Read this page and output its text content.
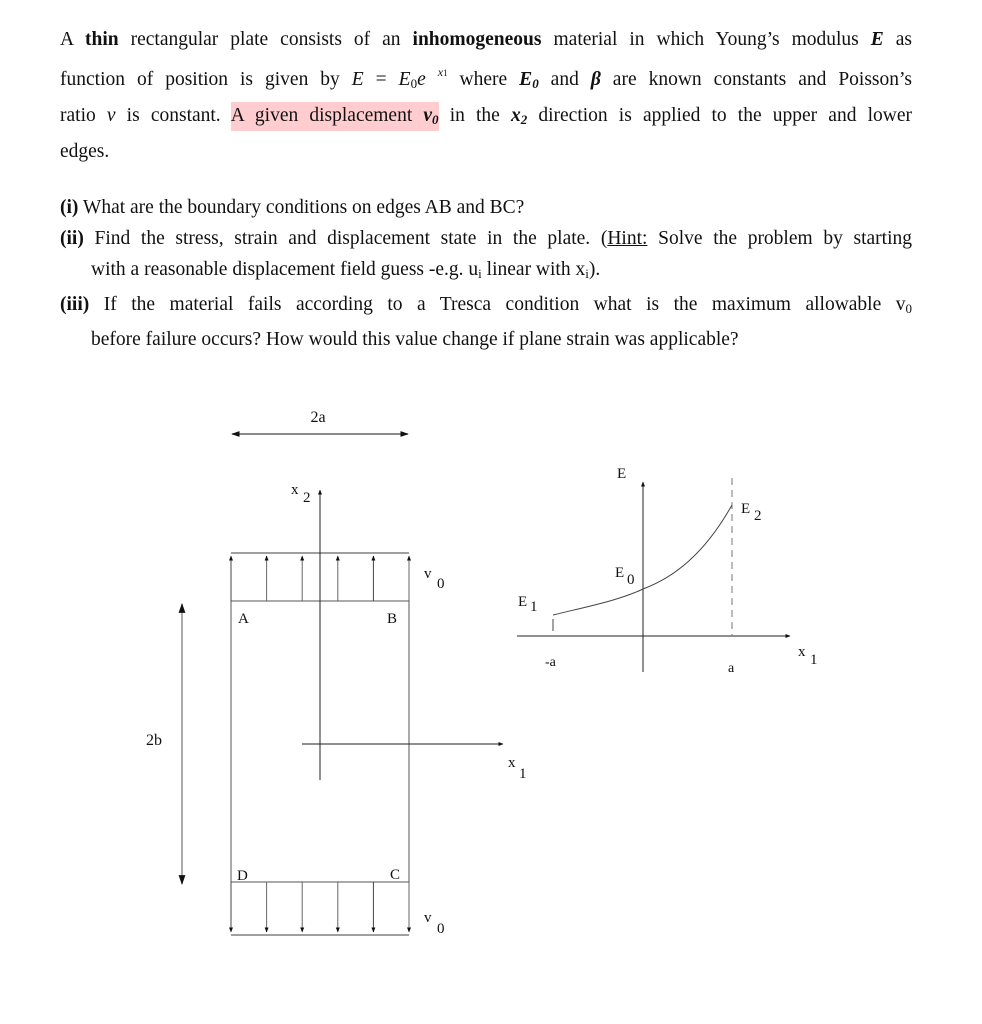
A thin rectangular plate consists of an inhomogeneous material in which Young’s modulus E as
function of position is given by $E = E_0e$ $^{x1}$ where $E_0$ and β are known constants and Poisson’s
ratio ν is constant. A given displacement $v_0$ in the $x_2$ direction is applied to the upper and lower
edges.
(i) What are the boundary conditions on edges AB and BC?
(ii) Find the stress, strain and displacement state in the plate. (Hint: Solve the problem by starting
with a reasonable displacement field guess -e.g. $u_i$ linear with $x_i$).
(iii) If the material fails according to a Tresca condition what is the maximum allowable $v_0$
before failure occurs? How would this value change if plane strain was applicable?
2a
2b
v
0
v
0
A	B
D	C
x 2
x
1
E
E 2
E 0
E 1
-a	a
x 1
